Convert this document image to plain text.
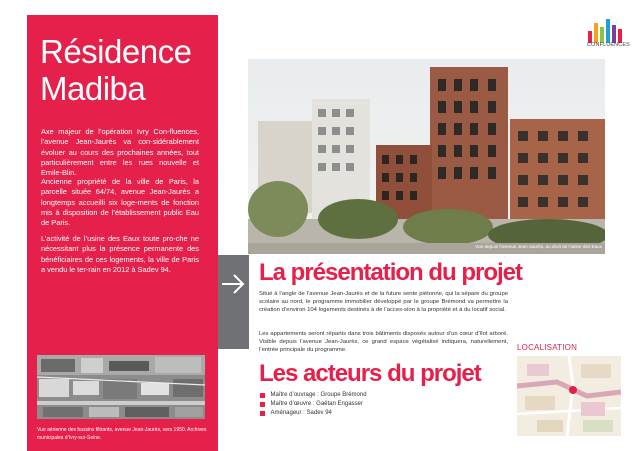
Résidence
Madiba

Axe majeur de l’opération Ivry Con-fluences, l’avenue Jean-Jaurès va con-sidérablement évoluer au cours des prochaines années, tout particulièrement entre les rues nouvelle et Emile-Blin.

Ancienne propriété de la ville de Paris, la parcelle située 64/74, avenue Jean-Jaurès a longtemps accueilli six loge-ments de fonction mis à disposition de l’établissement public Eau de Paris.

L’activité de l’usine des Eaux toute pro-che ne nécessitant plus la présence permanente des bénéficiaires de ces logements, la ville de Paris a vendu le ter-rain en 2012 à Sadev 94.

Vue aérienne des bassins filtrants, avenue Jean-Jaurès, vers 1950. Archives municipales d’Ivry-sur-Seine.

CONFLUENCES

Vue depuis l’avenue Jean-Jaurès, au droit de l’usine des Eaux

La présentation du projet

Situé à l’angle de l’avenue Jean-Jaurès et de la future sente piétonne, qui la sépare du groupe scolaire au nord, le programme immobilier développé par le groupe Brémond va permettre la création d’environ 104 logements destinés à de l’acces-sion à la propriété et à du locatif social.

Les appartements seront répartis dans trois bâtiments disposés autour d’un cœur d’îlot arboré. Visible depuis l’avenue Jean-Jaurès, ce grand espace végétalisé indiquera, naturellement, l’entrée principale du programme.

Les acteurs du projet
Maître d’ouvrage : Groupe Brémond
Maître d’œuvre : Gaëtan Engasser
Aménageur : Sadev 94
LOCALISATION
